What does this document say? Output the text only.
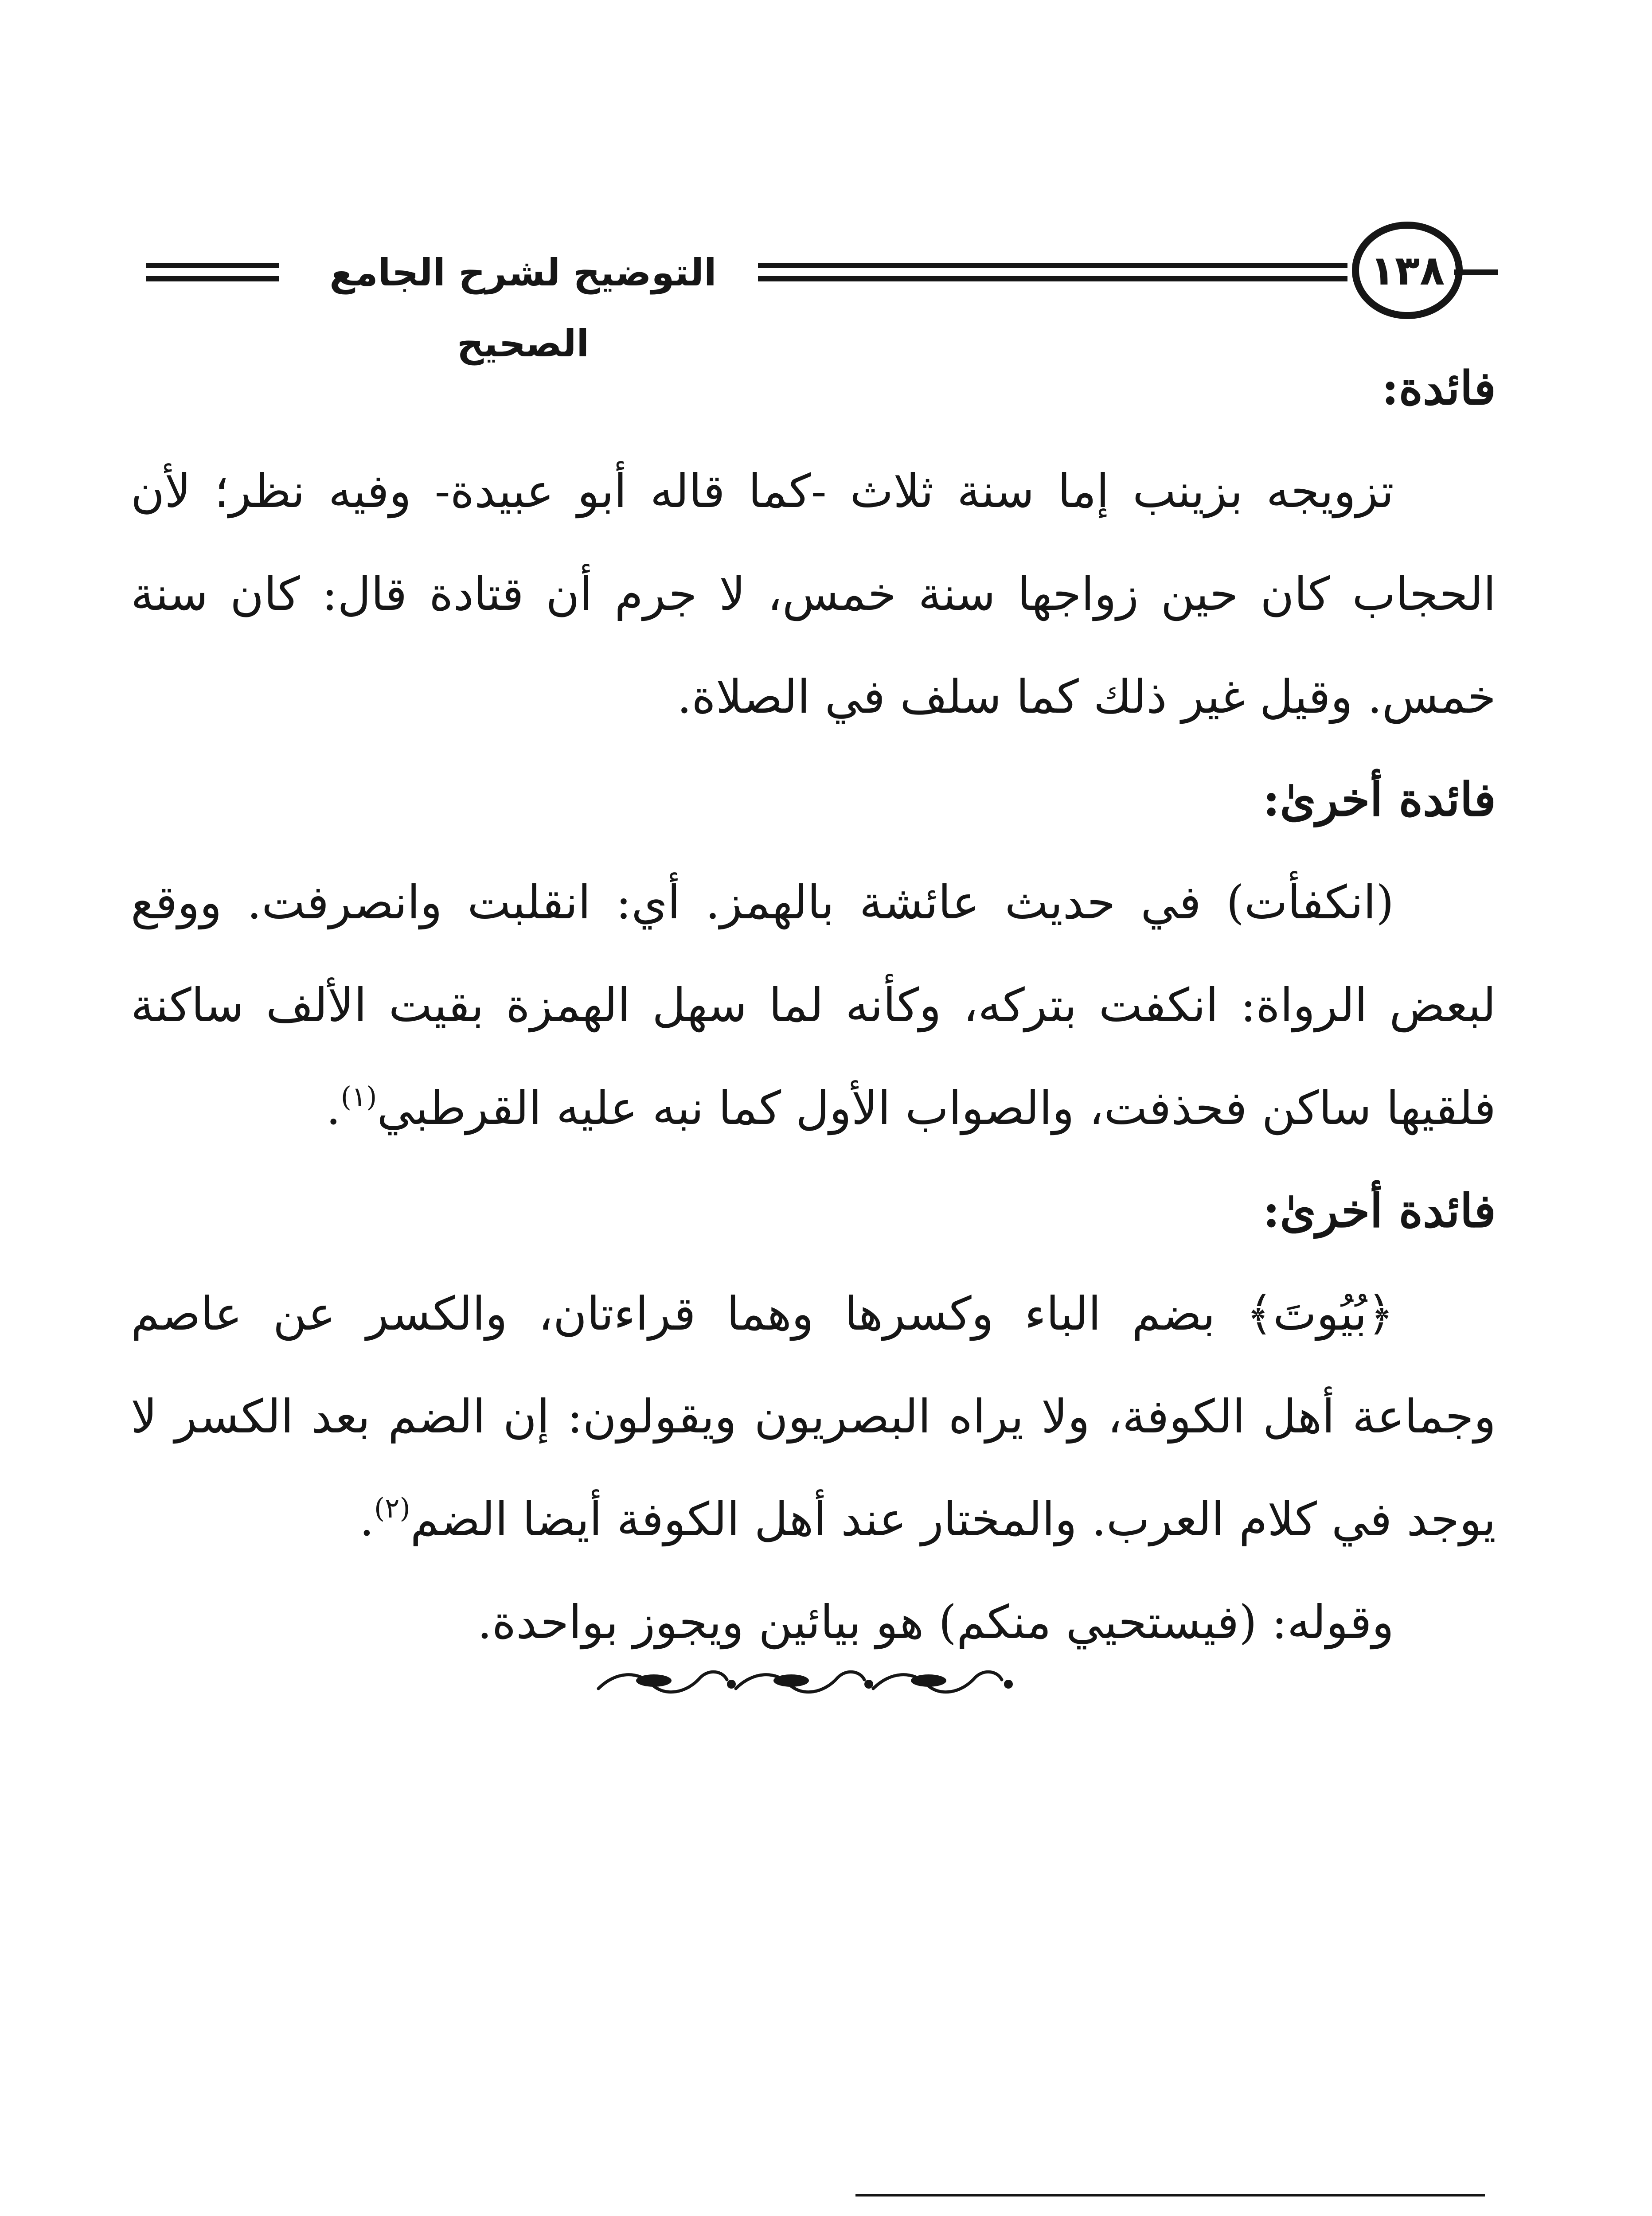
التوضيح لشرح الجامع الصحيح
١٣٨

فائدة:

تزويجه بزينب إما سنة ثلاث -كما قاله أبو عبيدة- وفيه نظر؛ لأن الحجاب كان حين زواجها سنة خمس، لا جرم أن قتادة قال: كان سنة خمس. وقيل غير ذلك كما سلف في الصلاة.

فائدة أخرىٰ:

(انكفأت) في حديث عائشة بالهمز. أي: انقلبت وانصرفت. ووقع لبعض الرواة: انكفت بتركه، وكأنه لما سهل الهمزة بقيت الألف ساكنة فلقيها ساكن فحذفت، والصواب الأول كما نبه عليه القرطبي$^{(١)}$.

فائدة أخرىٰ:

﴿بُيُوتَ﴾ بضم الباء وكسرها وهما قراءتان، والكسر عن عاصم وجماعة أهل الكوفة، ولا يراه البصريون ويقولون: إن الضم بعد الكسر لا يوجد في كلام العرب. والمختار عند أهل الكوفة أيضا الضم$^{(٢)}$.

وقوله: (فيستحيي منكم) هو بيائين ويجوز بواحدة.
